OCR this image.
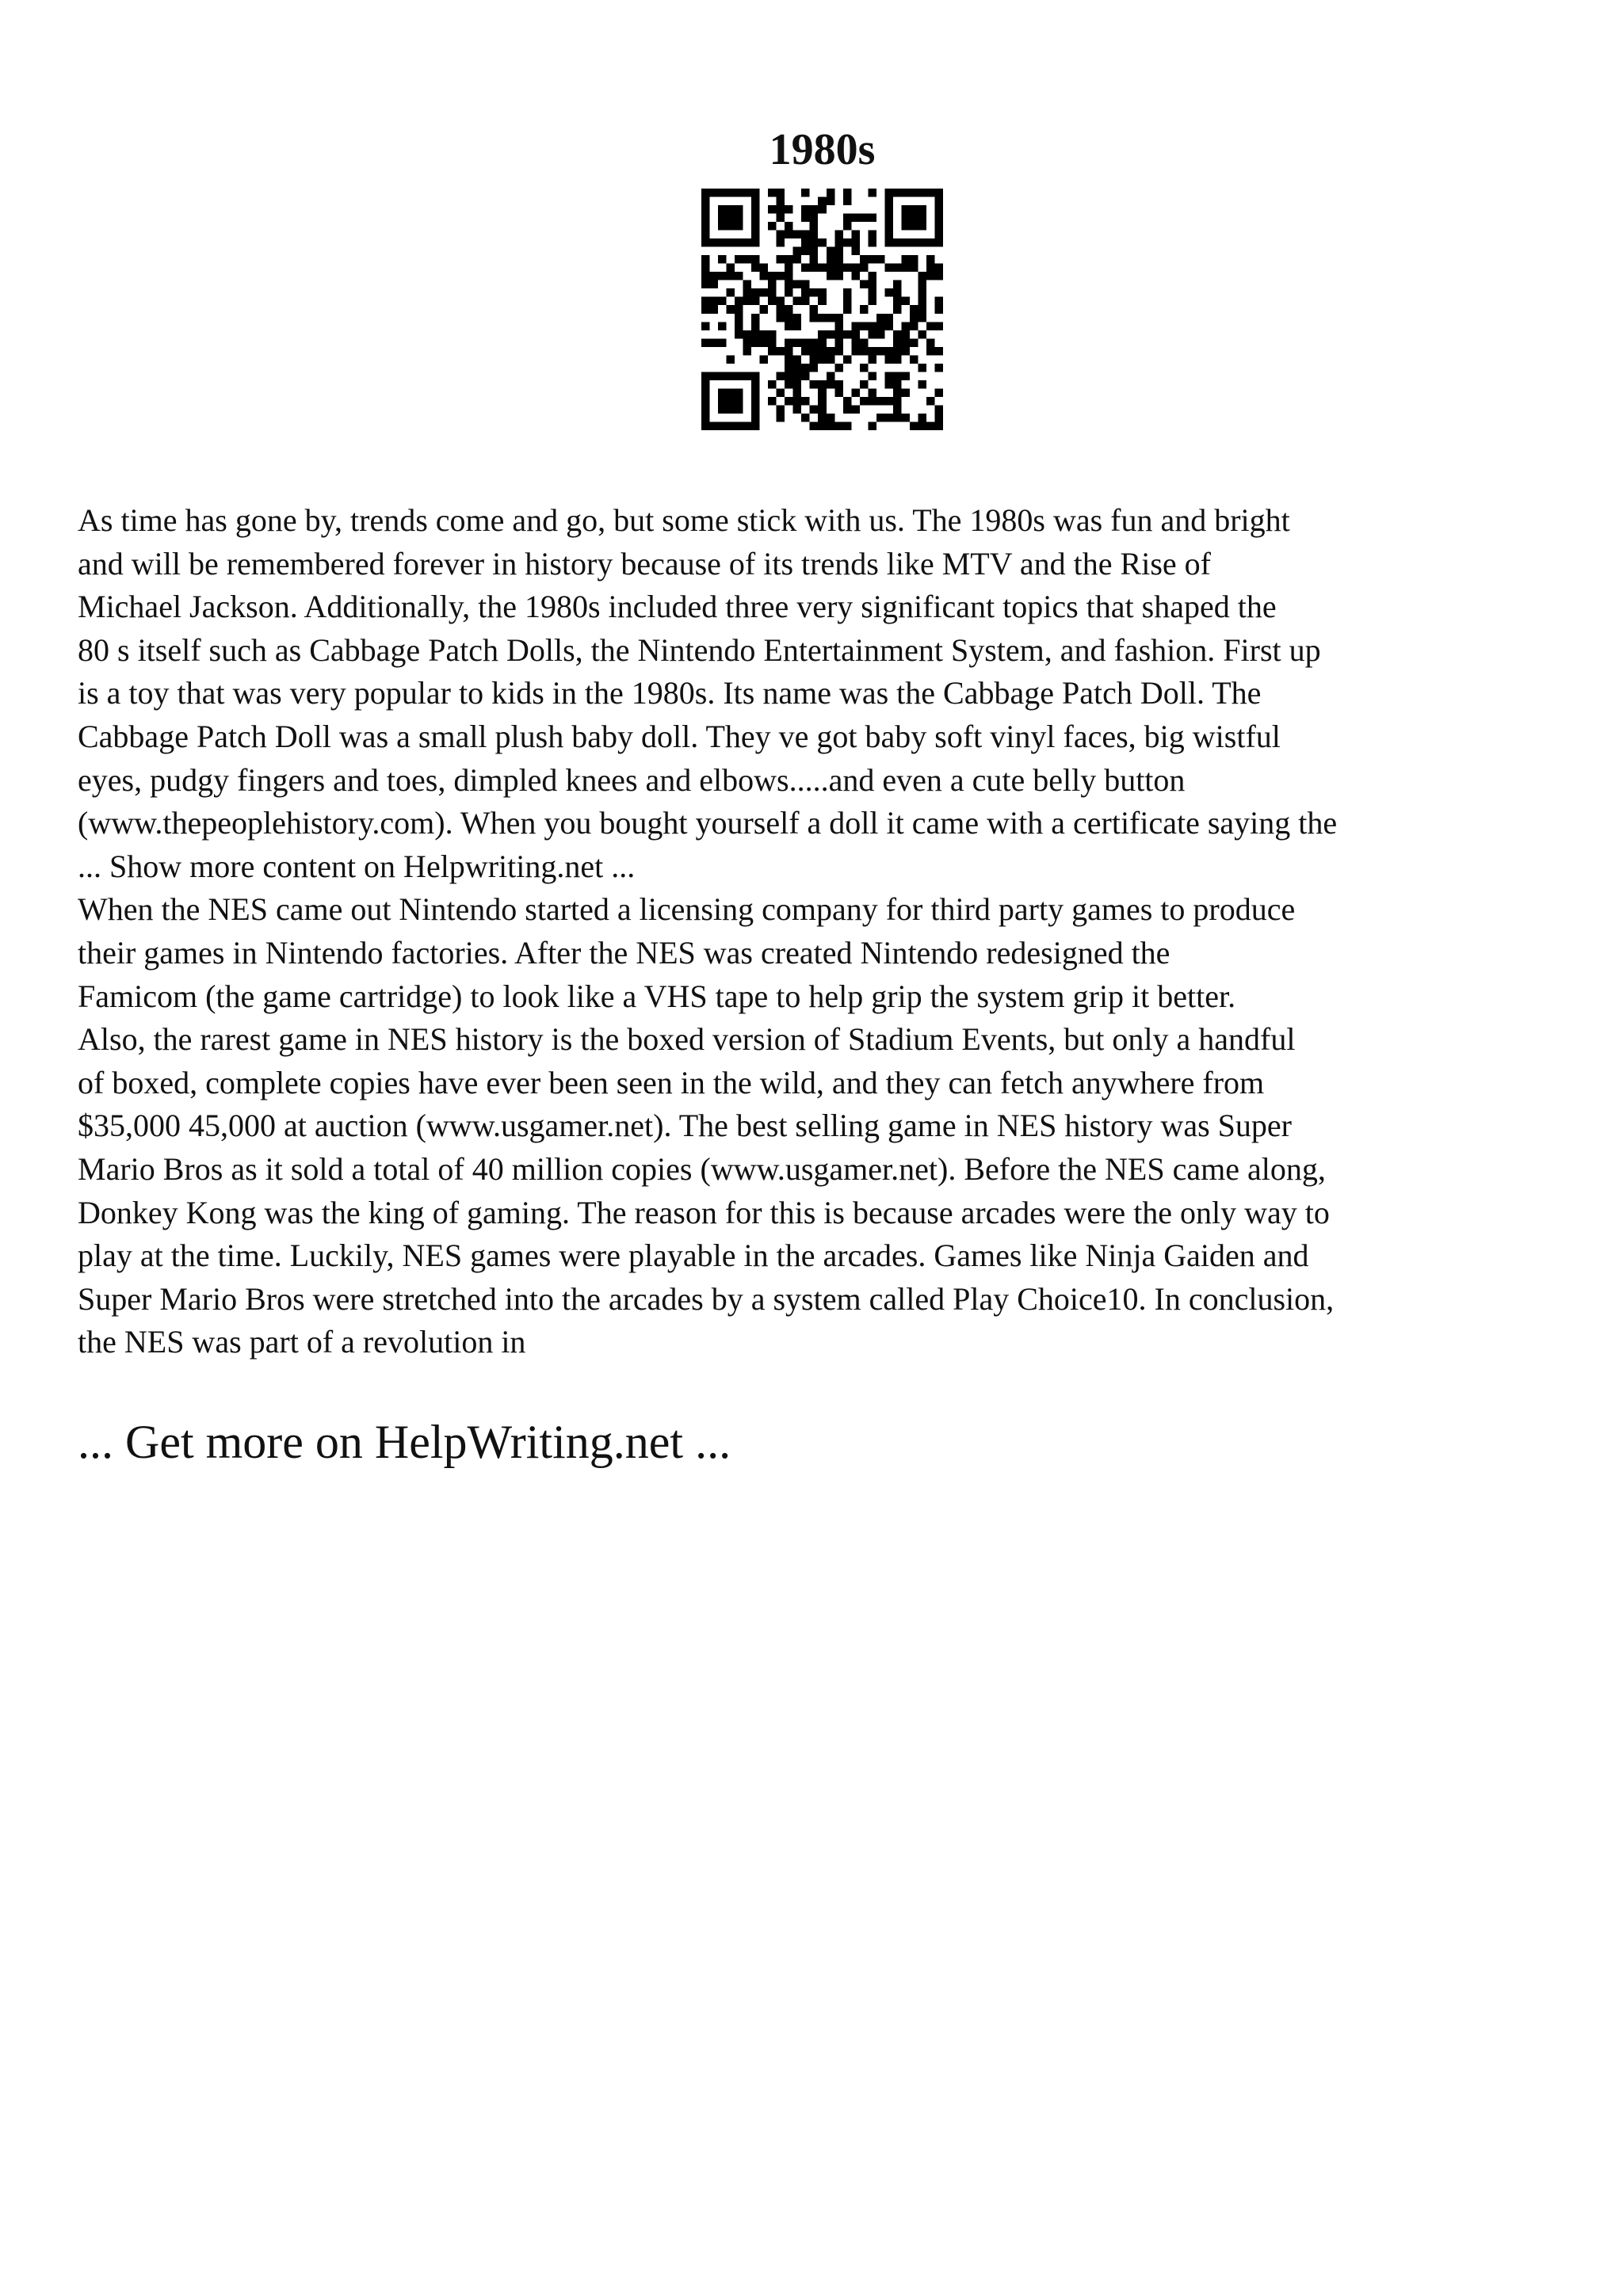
1980s
As time has gone by, trends come and go, but some stick with us. The 1980s was fun and bright
and will be remembered forever in history because of its trends like MTV and the Rise of
Michael Jackson. Additionally, the 1980s included three very significant topics that shaped the
80 s itself such as Cabbage Patch Dolls, the Nintendo Entertainment System, and fashion. First up
is a toy that was very popular to kids in the 1980s. Its name was the Cabbage Patch Doll. The
Cabbage Patch Doll was a small plush baby doll. They ve got baby soft vinyl faces, big wistful
eyes, pudgy fingers and toes, dimpled knees and elbows.....and even a cute belly button
(www.thepeoplehistory.com). When you bought yourself a doll it came with a certificate saying the
... Show more content on Helpwriting.net ...
When the NES came out Nintendo started a licensing company for third party games to produce
their games in Nintendo factories. After the NES was created Nintendo redesigned the
Famicom (the game cartridge) to look like a VHS tape to help grip the system grip it better.
Also, the rarest game in NES history is the boxed version of Stadium Events, but only a handful
of boxed, complete copies have ever been seen in the wild, and they can fetch anywhere from
$35,000 45,000 at auction (www.usgamer.net). The best selling game in NES history was Super
Mario Bros as it sold a total of 40 million copies (www.usgamer.net). Before the NES came along,
Donkey Kong was the king of gaming. The reason for this is because arcades were the only way to
play at the time. Luckily, NES games were playable in the arcades. Games like Ninja Gaiden and
Super Mario Bros were stretched into the arcades by a system called Play Choice10. In conclusion,
the NES was part of a revolution in
... Get more on HelpWriting.net ...
